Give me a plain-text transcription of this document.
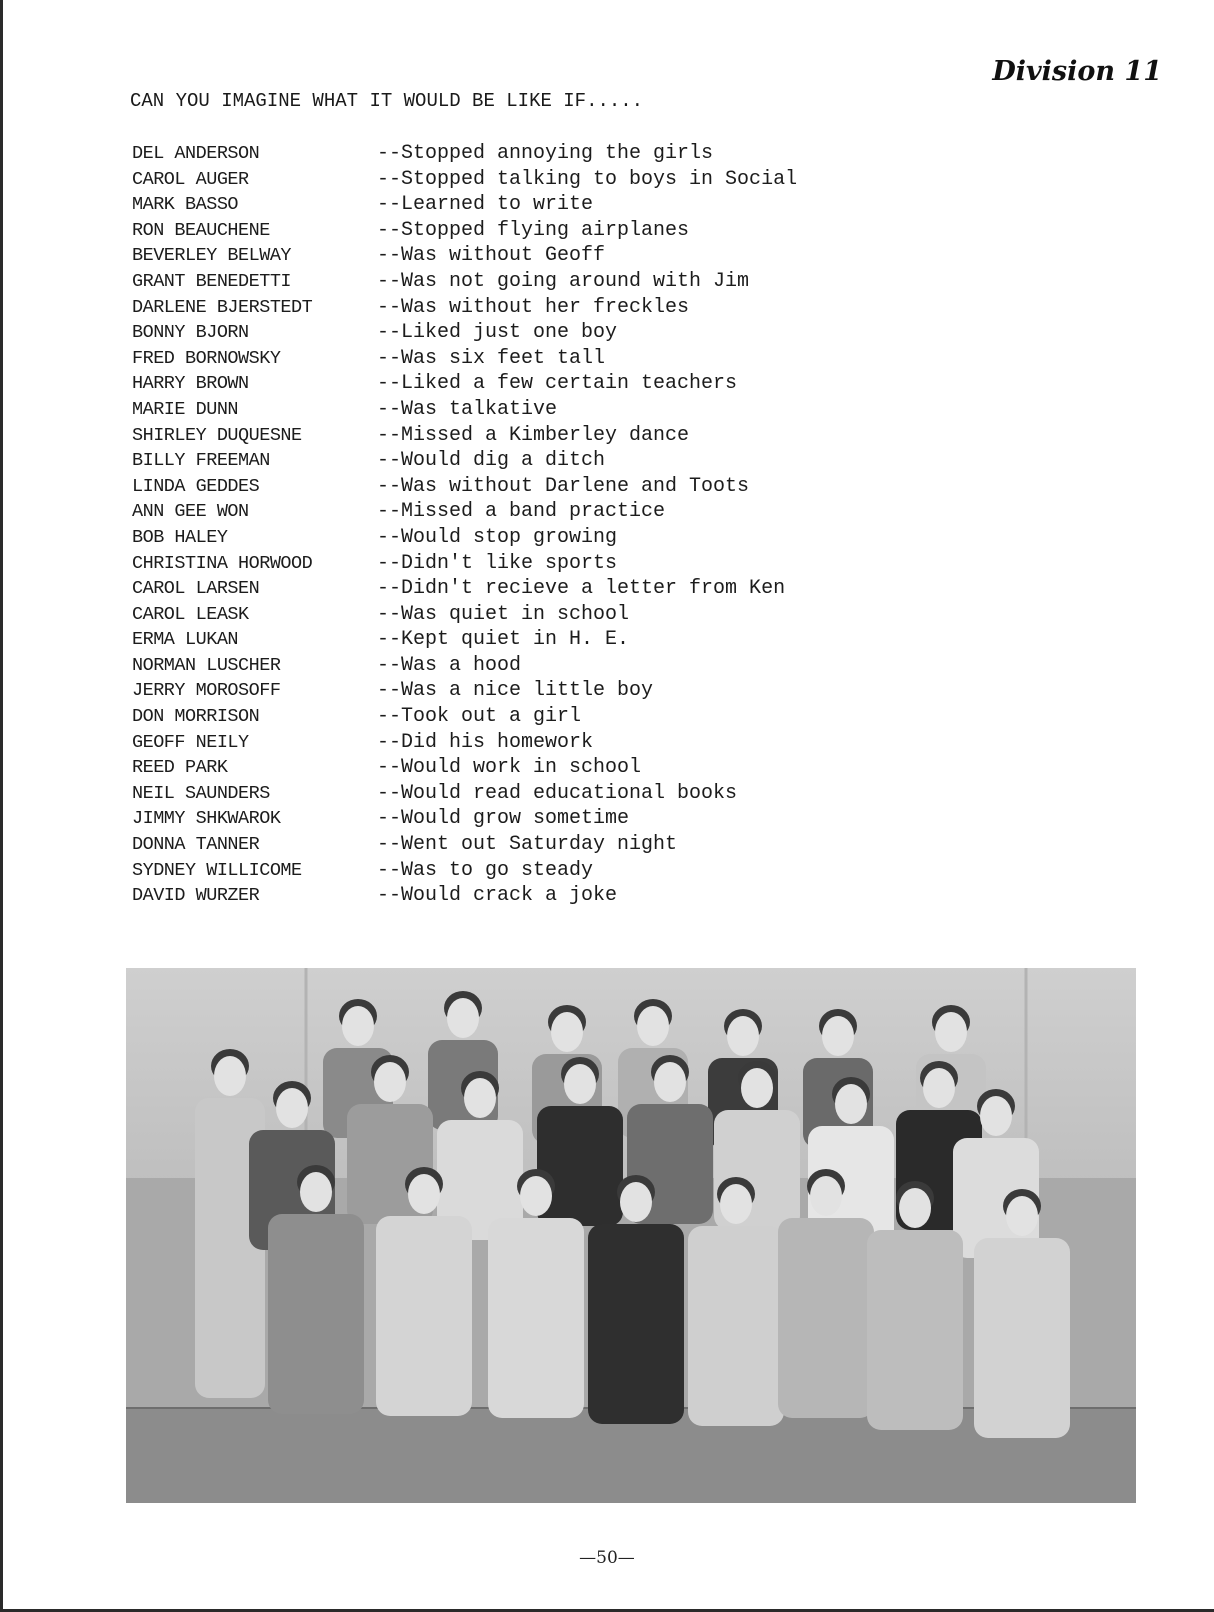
Division 11
CAN YOU IMAGINE WHAT IT WOULD BE LIKE IF.....
DEL ANDERSON	--Stopped annoying the girls
CAROL AUGER	--Stopped talking to boys in Social
MARK BASSO	--Learned to write
RON BEAUCHENE	--Stopped flying airplanes
BEVERLEY BELWAY	--Was without Geoff
GRANT BENEDETTI	--Was not going around with Jim
DARLENE BJERSTEDT	--Was without her freckles
BONNY BJORN	--Liked just one boy
FRED BORNOWSKY	--Was six feet tall
HARRY BROWN	--Liked a few certain teachers
MARIE DUNN	--Was talkative
SHIRLEY DUQUESNE	--Missed a Kimberley dance
BILLY FREEMAN	--Would dig a ditch
LINDA GEDDES	--Was without Darlene and Toots
ANN GEE WON	--Missed a band practice
BOB HALEY	--Would stop growing
CHRISTINA HORWOOD	--Didn't like sports
CAROL LARSEN	--Didn't recieve a letter from Ken
CAROL LEASK	--Was quiet in school
ERMA LUKAN	--Kept quiet in H. E.
NORMAN LUSCHER	--Was a hood
JERRY MOROSOFF	--Was a nice little boy
DON MORRISON	--Took out a girl
GEOFF NEILY	--Did his homework
REED PARK	--Would work in school
NEIL SAUNDERS	--Would read educational books
JIMMY SHKWAROK	--Would grow sometime
DONNA TANNER	--Went out Saturday night
SYDNEY WILLICOME	--Was to go steady
DAVID WURZER	--Would crack a joke
—50—
